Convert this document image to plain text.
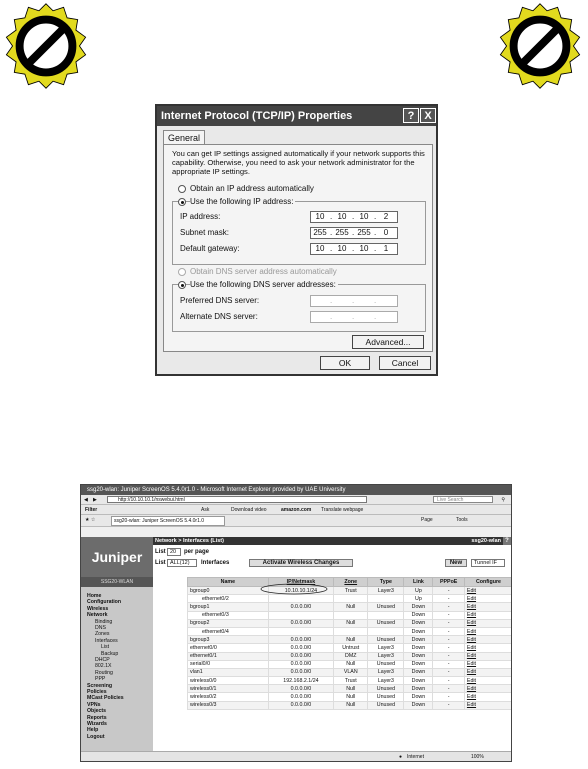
Internet Protocol (TCP/IP) Properties	? X
General
You can get IP settings assigned automatically if your network supports this capability. Otherwise, you need to ask your network administrator for the appropriate IP settings.
Obtain an IP address automatically
Use the following IP address:
IP address:	10 . 10 . 10 . 2
Subnet mask:	255 . 255 . 255 . 0
Default gateway:	10 . 10 . 10 . 1
Obtain DNS server address automatically
Use the following DNS server addresses:
Preferred DNS server:	. . .
Alternate DNS server:	. . .
Advanced...
OK	Cancel
ssg20-wlan: Juniper ScreenOS 5.4.0r1.0 - Microsoft Internet Explorer provided by UAE University
◀ ▶	http://10.10.10.1/nswebui.html	Live Search	⚲
Filter	Ask	Download video	amazon.com Translate webpage
★ ☆	ssg20-wlan: Juniper ScreenOS 5.4.0r1.0	Page	Tools
Juniper
SSG20-WLAN
Home
Configuration
Wireless
Network
Binding
DNS
Zones
Interfaces
List
Backup
DHCP
802.1X
Routing
PPP
Screening
Policies
MCast Policies
VPNs
Objects
Reports
Wizards
Help
Logout
Network > Interfaces (List)	ssg20-wlan ?
List 20	per page
List ALL(12)	Interfaces	Activate Wireless Changes	New	Tunnel IF
Name	IP/Netmask	Zone	Type	Link	PPPoE	Configure
bgroup0	10.10.10.1/24	Trust	Layer3	Up	-	Edit
ethernet0/2				Up	-	Edit
bgroup1	0.0.0.0/0	Null	Unused	Down	-	Edit
ethernet0/3				Down	-	Edit
bgroup2	0.0.0.0/0	Null	Unused	Down	-	Edit
ethernet0/4				Down	-	Edit
bgroup3	0.0.0.0/0	Null	Unused	Down	-	Edit
ethernet0/0	0.0.0.0/0	Untrust	Layer3	Down	-	Edit
ethernet0/1	0.0.0.0/0	DMZ	Layer3	Down	-	Edit
serial0/0	0.0.0.0/0	Null	Unused	Down	-	Edit
vlan1	0.0.0.0/0	VLAN	Layer3	Down	-	Edit
wireless0/0	192.168.2.1/24	Trust	Layer3	Down	-	Edit
wireless0/1	0.0.0.0/0	Null	Unused	Down	-	Edit
wireless0/2	0.0.0.0/0	Null	Unused	Down	-	Edit
wireless0/3	0.0.0.0/0	Null	Unused	Down	-	Edit
● Internet	100%
